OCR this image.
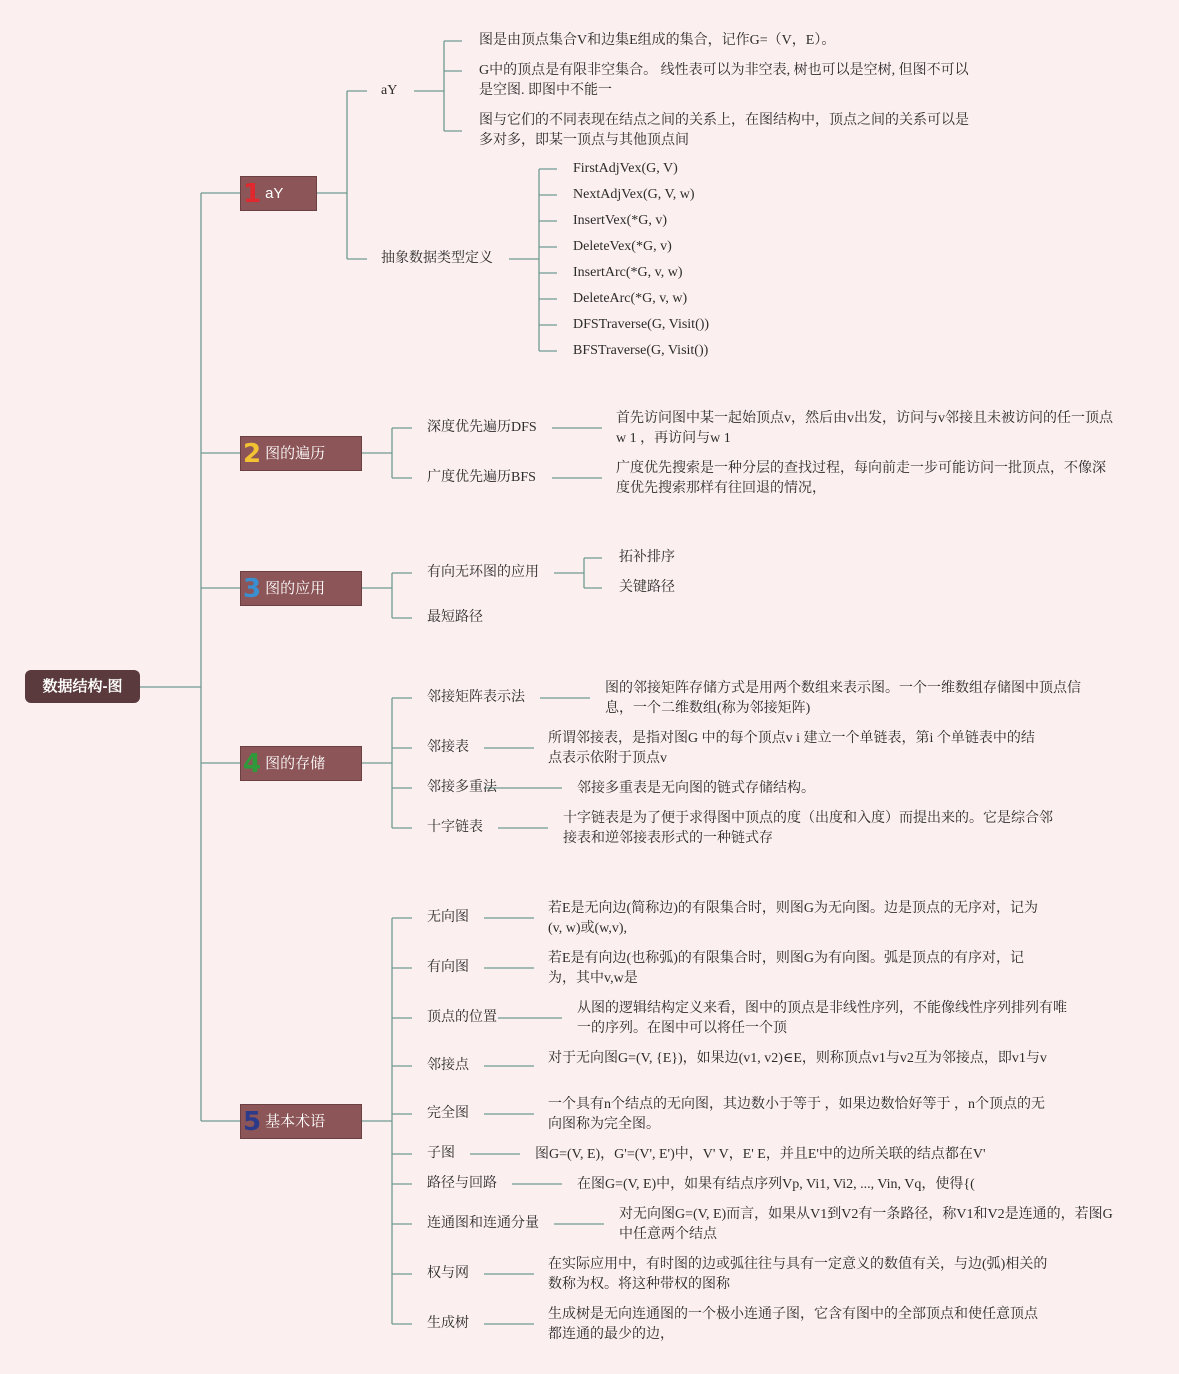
数据结构-图
1 aY
aY
图是由顶点集合V和边集E组成的集合，记作G=（V，E）。
G中的顶点是有限非空集合。 线性表可以为非空表, 树也可以是空树, 但图不可以是空图. 即图中不能一
图与它们的不同表现在结点之间的关系上，在图结构中，顶点之间的关系可以是多对多，即某一顶点与其他顶点间
抽象数据类型定义
FirstAdjVex(G, V)
NextAdjVex(G, V, w)
InsertVex(*G, v)
DeleteVex(*G, v)
InsertArc(*G, v, w)
DeleteArc(*G, v, w)
DFSTraverse(G, Visit())
BFSTraverse(G, Visit())
2 图的遍历
深度优先遍历DFS
首先访问图中某一起始顶点v，然后由v出发，访问与v邻接且未被访问的任一顶点w 1 ，再访问与w 1
广度优先遍历BFS
广度优先搜索是一种分层的查找过程，每向前走一步可能访问一批顶点，不像深度优先搜索那样有往回退的情况，
3 图的应用
有向无环图的应用
拓补排序
关键路径
最短路径
4 图的存储
邻接矩阵表示法
图的邻接矩阵存储方式是用两个数组来表示图。一个一维数组存储图中顶点信息，一个二维数组(称为邻接矩阵)
邻接表
所谓邻接表，是指对图G 中的每个顶点v i 建立一个单链表，第i 个单链表中的结点表示依附于顶点v
邻接多重法	邻接多重表是无向图的链式存储结构。
十字链表
十字链表是为了便于求得图中顶点的度（出度和入度）而提出来的。它是综合邻接表和逆邻接表形式的一种链式存
5 基本术语
无向图
若E是无向边(简称边)的有限集合时，则图G为无向图。边是顶点的无序对，记为(v, w)或(w,v),
有向图
若E是有向边(也称弧)的有限集合时，则图G为有向图。弧是顶点的有序对，记为，其中v,w是
顶点的位置
从图的逻辑结构定义来看，图中的顶点是非线性序列，不能像线性序列排列有唯一的序列。在图中可以将任一个顶
邻接点	对于无向图G=(V, {E})，如果边(v1, v2)∈E，则称顶点v1与v2互为邻接点，即v1与v
完全图
一个具有n个结点的无向图，其边数小于等于 ，如果边数恰好等于 ，n个顶点的无向图称为完全图。
子图	图G=(V, E)，G'=(V', E')中，V' V，E' E，并且E'中的边所关联的结点都在V'
路径与回路	在图G=(V, E)中，如果有结点序列Vp, Vi1, Vi2, ..., Vin, Vq，使得{(
连通图和连通分量
对无向图G=(V, E)而言，如果从V1到V2有一条路径，称V1和V2是连通的，若图G中任意两个结点
权与网
在实际应用中，有时图的边或弧往往与具有一定意义的数值有关，与边(弧)相关的数称为权。将这种带权的图称
生成树
生成树是无向连通图的一个极小连通子图，它含有图中的全部顶点和使任意顶点都连通的最少的边，
